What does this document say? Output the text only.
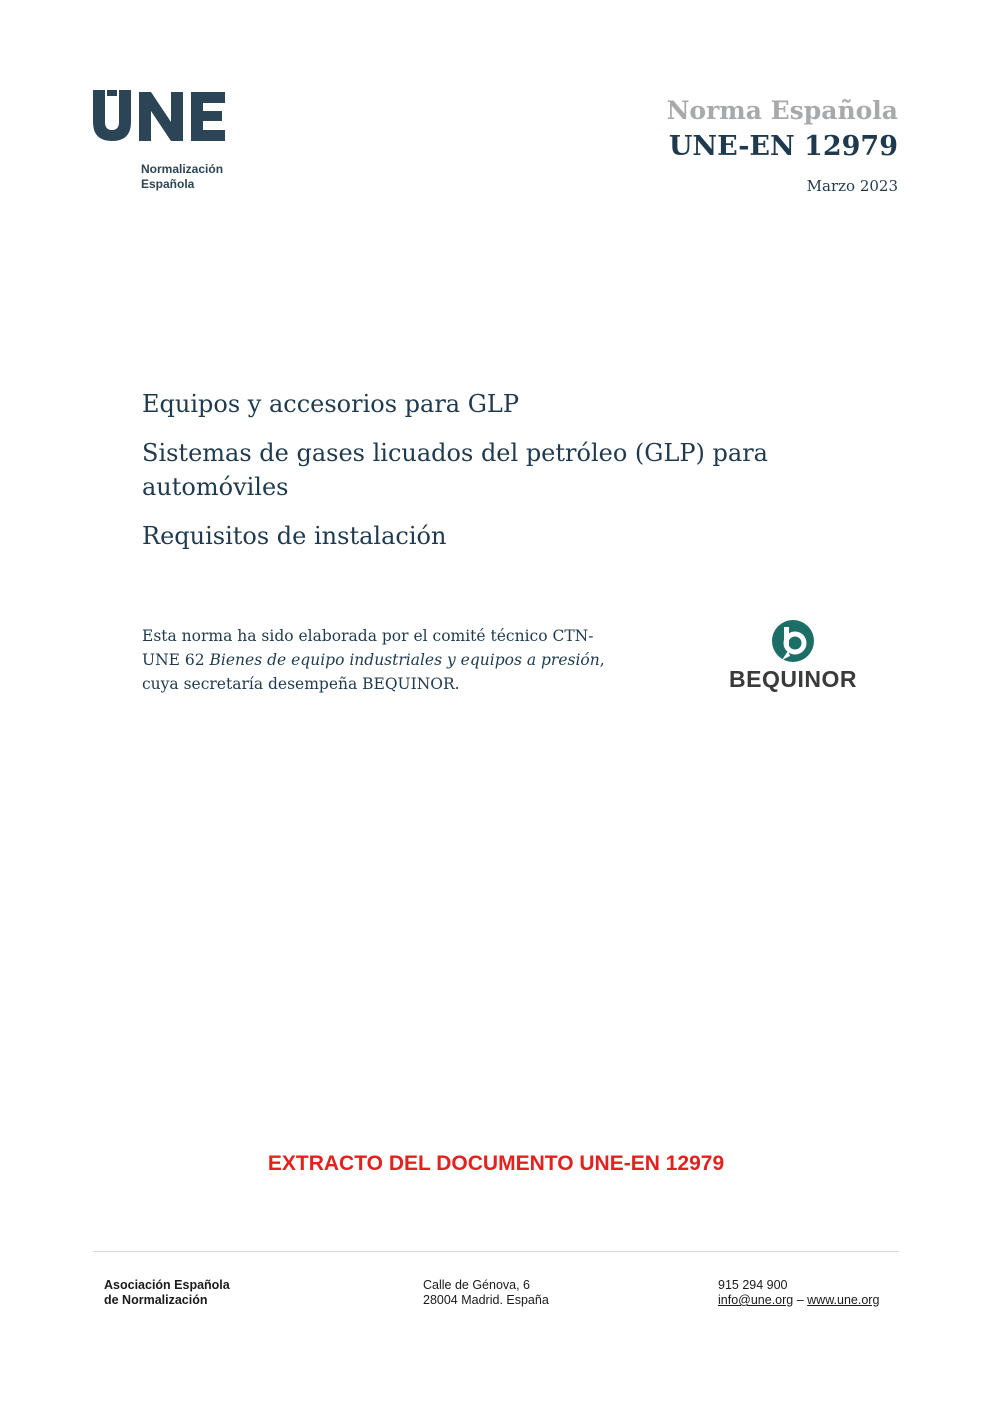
Normalización
Española
Norma Española
UNE-EN 12979
Marzo 2023
Equipos y accesorios para GLP
Sistemas de gases licuados del petróleo (GLP) para automóviles
Requisitos de instalación
Esta norma ha sido elaborada por el comité técnico CTN-UNE 62 Bienes de equipo industriales y equipos a presión, cuya secretaría desempeña BEQUINOR.	BEQUINOR
EXTRACTO DEL DOCUMENTO UNE-EN 12979
Asociación Española
de Normalización
Calle de Génova, 6
28004 Madrid. España
915 294 900
info@une.org – www.une.org
